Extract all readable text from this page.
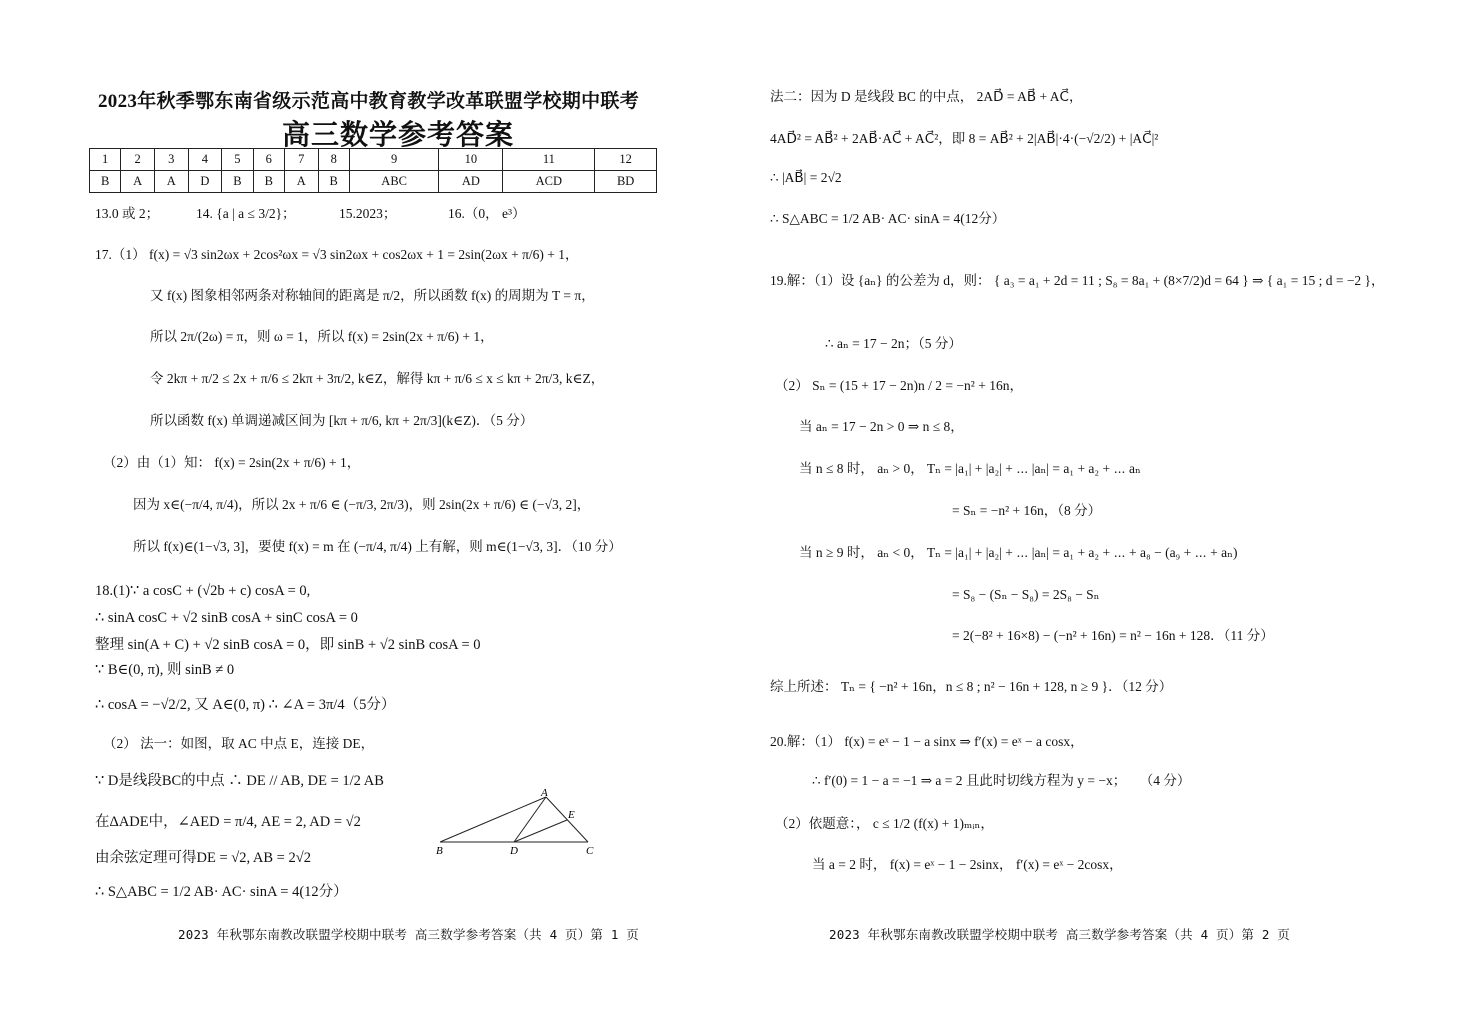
2023年秋季鄂东南省级示范高中教育教学改革联盟学校期中联考
高三数学参考答案
1	2	3	4	5	6	7	8	9	10	11	12
B	A	A	D	B	B	A	B	ABC	AD	ACD	BD
13.0 或 2；	14. {a | a ≤ 3/2}；	15.2023；	16.（0， e³）
17.（1） f(x) = √3 sin2ωx + 2cos²ωx = √3 sin2ωx + cos2ωx + 1 = 2sin(2ωx + π/6) + 1，
又 f(x) 图象相邻两条对称轴间的距离是 π/2，所以函数 f(x) 的周期为 T = π，
所以 2π/(2ω) = π，则 ω = 1，所以 f(x) = 2sin(2x + π/6) + 1，
令 2kπ + π/2 ≤ 2x + π/6 ≤ 2kπ + 3π/2, k∈Z，解得 kπ + π/6 ≤ x ≤ kπ + 2π/3, k∈Z，
所以函数 f(x) 单调递减区间为 [kπ + π/6, kπ + 2π/3](k∈Z)．（5 分）
（2）由（1）知： f(x) = 2sin(2x + π/6) + 1，
因为 x∈(−π/4, π/4)，所以 2x + π/6 ∈ (−π/3, 2π/3)，则 2sin(2x + π/6) ∈ (−√3, 2]，
所以 f(x)∈(1−√3, 3]，要使 f(x) = m 在 (−π/4, π/4) 上有解，则 m∈(1−√3, 3]．（10 分）
18.(1)∵ a cosC + (√2b + c) cosA = 0,
∴ sinA cosC + √2 sinB cosA + sinC cosA = 0
整理 sin(A + C) + √2 sinB cosA = 0，即 sinB + √2 sinB cosA = 0
∵ B∈(0, π), 则 sinB ≠ 0
∴ cosA = −√2/2, 又 A∈(0, π) ∴ ∠A = 3π/4（5分）
（2） 法一：如图，取 AC 中点 E，连接 DE，
∵ D是线段BC的中点 ∴ DE // AB, DE = 1/2 AB
在ΔADE中，∠AED = π/4, AE = 2, AD = √2
由余弦定理可得DE = √2, AB = 2√2
∴ S△ABC = 1/2 AB· AC· sinA = 4(12分）
A
E
B	D	C
2023 年秋鄂东南教改联盟学校期中联考 高三数学参考答案（共 4 页）第 1 页
法二：因为 D 是线段 BC 的中点， 2AD⃗ = AB⃗ + AC⃗，
4AD⃗² = AB⃗² + 2AB⃗·AC⃗ + AC⃗²，即 8 = AB⃗² + 2|AB⃗|·4·(−√2/2) + |AC⃗|²
∴ |AB⃗| = 2√2
∴ S△ABC = 1/2 AB· AC· sinA = 4(12分）
19.解：（1）设 {aₙ} 的公差为 d，则： { a₃ = a₁ + 2d = 11 ; S₈ = 8a₁ + (8×7/2)d = 64 } ⇒ { a₁ = 15 ; d = −2 }，
∴ aₙ = 17 − 2n；（5 分）
（2） Sₙ = (15 + 17 − 2n)n / 2 = −n² + 16n，
当 aₙ = 17 − 2n > 0 ⇒ n ≤ 8，
当 n ≤ 8 时， aₙ > 0， Tₙ = |a₁| + |a₂| + ⋯ |aₙ| = a₁ + a₂ + ⋯ aₙ
= Sₙ = −n² + 16n，（8 分）
当 n ≥ 9 时， aₙ < 0， Tₙ = |a₁| + |a₂| + ⋯ |aₙ| = a₁ + a₂ + ⋯ + a₈ − (a₉ + ⋯ + aₙ)
= S₈ − (Sₙ − S₈) = 2S₈ − Sₙ
= 2(−8² + 16×8) − (−n² + 16n) = n² − 16n + 128．（11 分）
综上所述： Tₙ = { −n² + 16n，n ≤ 8 ; n² − 16n + 128, n ≥ 9 }．（12 分）
20.解：（1） f(x) = eˣ − 1 − a sinx ⇒ f′(x) = eˣ − a cosx，
∴ f′(0) = 1 − a = −1 ⇒ a = 2 且此时切线方程为 y = −x；　　（4 分）
（2）依题意：， c ≤ 1/2 (f(x) + 1)ₘᵢₙ，
当 a = 2 时， f(x) = eˣ − 1 − 2sinx， f′(x) = eˣ − 2cosx，
2023 年秋鄂东南教改联盟学校期中联考 高三数学参考答案（共 4 页）第 2 页
